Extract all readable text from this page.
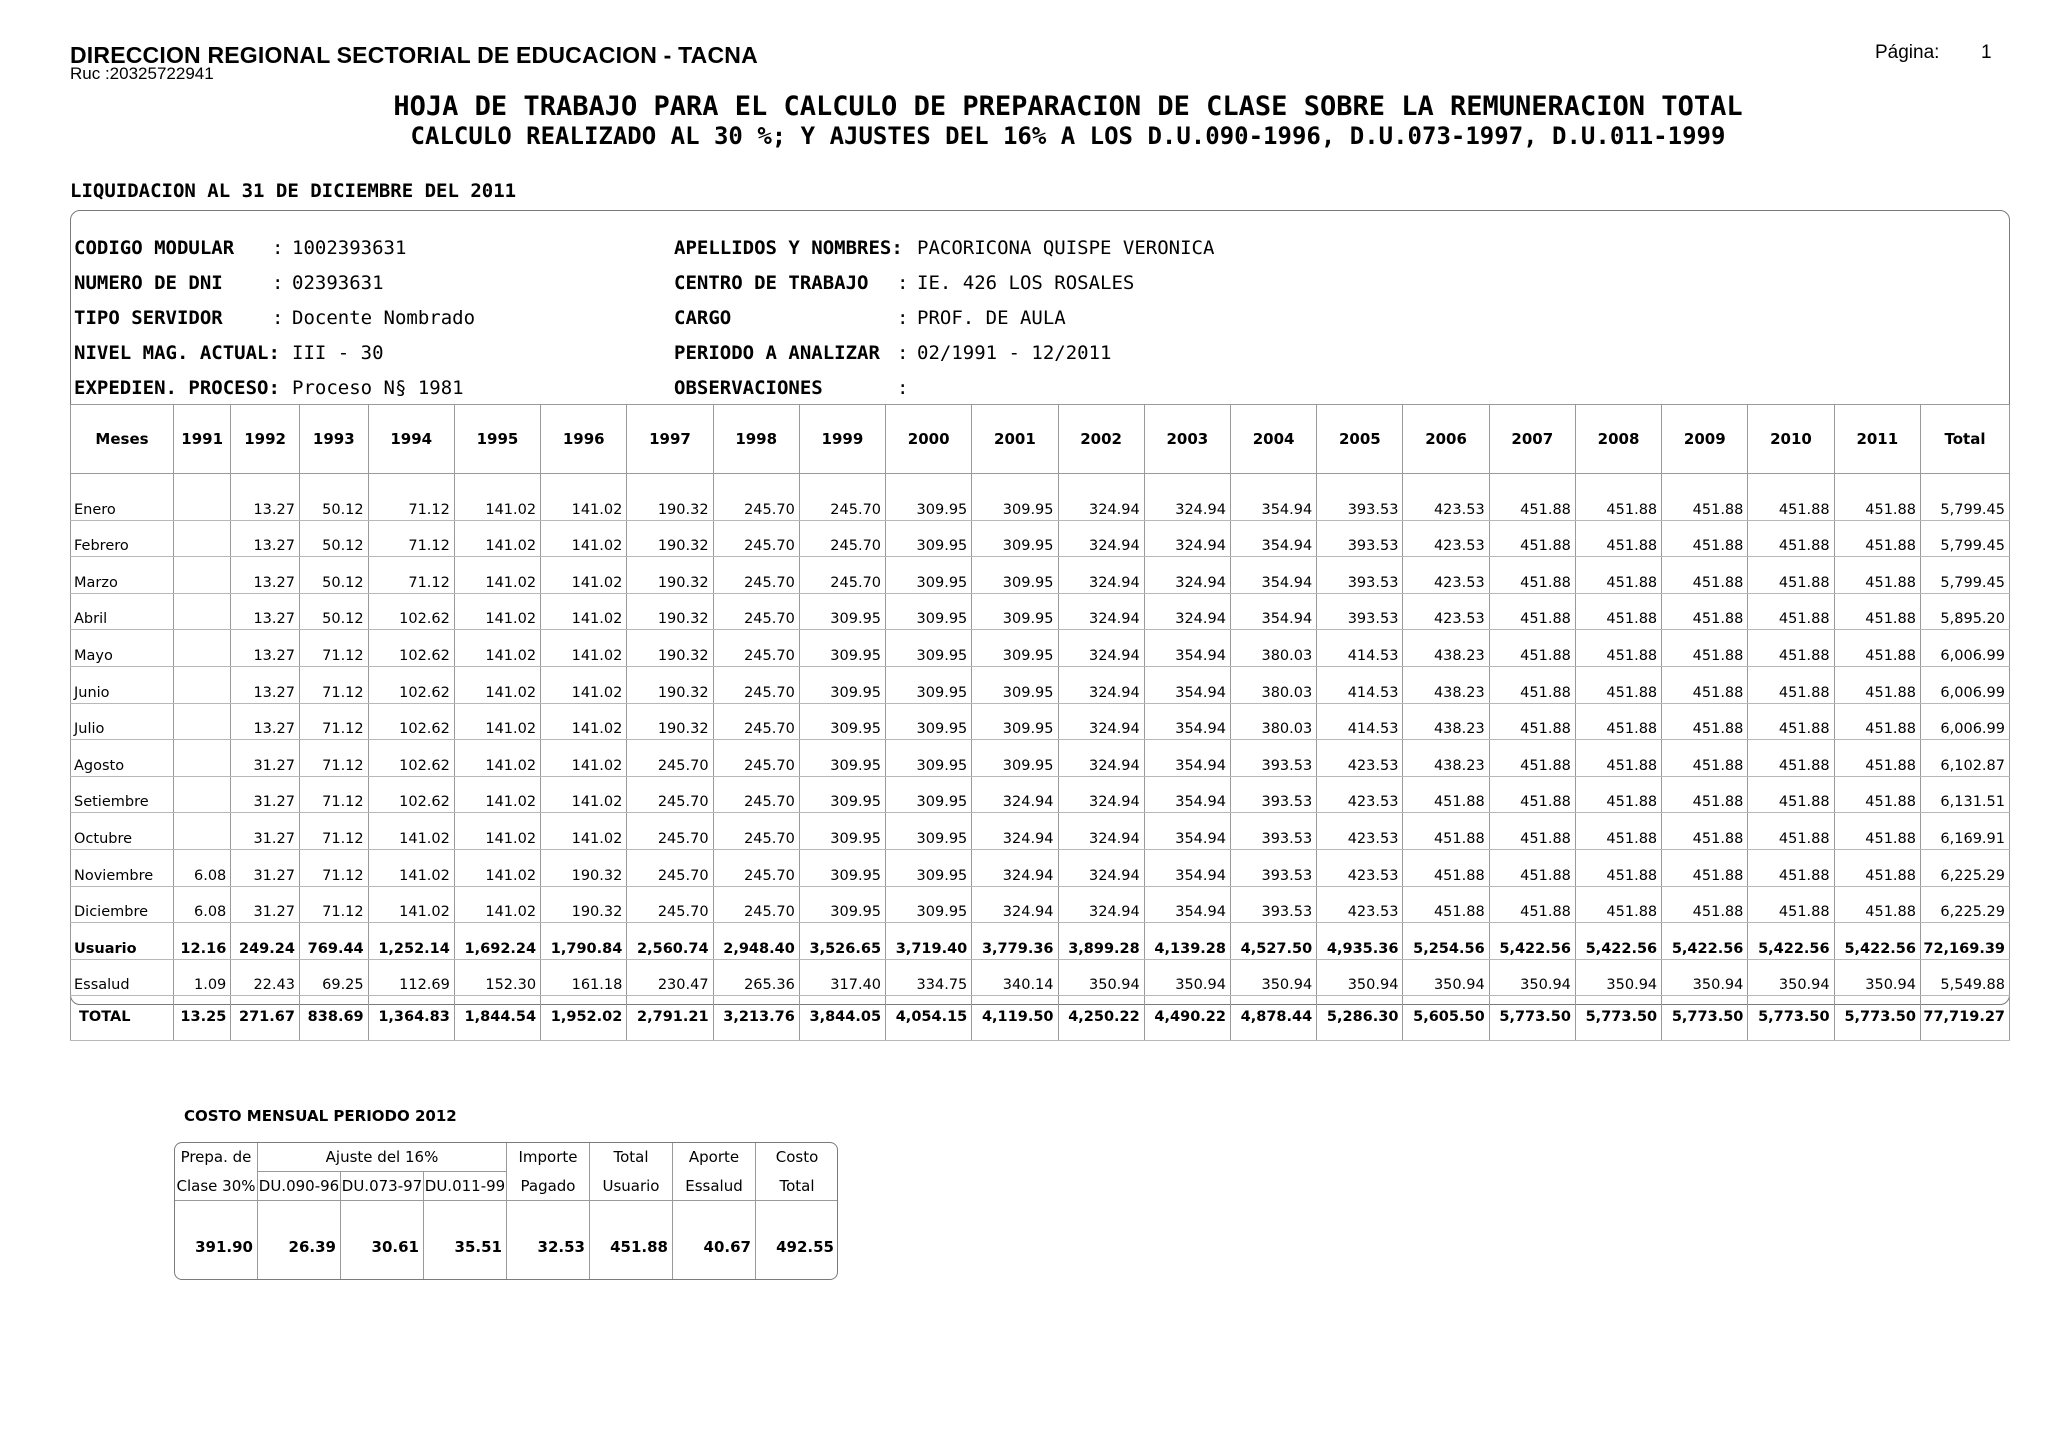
DIRECCION REGIONAL SECTORIAL DE EDUCACION - TACNA
Ruc :20325722941
Página: 1
HOJA DE TRABAJO PARA EL CALCULO DE PREPARACION DE CLASE SOBRE LA REMUNERACION TOTAL
CALCULO REALIZADO AL 30 %; Y AJUSTES DEL 16% A LOS D.U.090-1996, D.U.073-1997, D.U.011-1999
LIQUIDACION AL 31 DE DICIEMBRE DEL 2011
CODIGO MODULAR : 1002393631
NUMERO DE DNI	: 02393631
TIPO SERVIDOR	: Docente Nombrado
NIVEL MAG. ACTUAL: III - 30
EXPEDIEN. PROCESO: Proceso N§ 1981
APELLIDOS Y NOMBRES: PACORICONA QUISPE VERONICA
CENTRO DE TRABAJO : IE. 426 LOS ROSALES
CARGO	: PROF. DE AULA
PERIODO A ANALIZAR : 02/1991 - 12/2011
OBSERVACIONES	:
Meses	1991	1992	1993	1994	1995	1996	1997	1998	1999	2000	2001	2002	2003	2004	2005	2006	2007	2008	2009	2010	2011	Total

Enero		13.27	50.12	71.12	141.02	141.02	190.32	245.70	245.70	309.95	309.95	324.94	324.94	354.94	393.53	423.53	451.88	451.88	451.88	451.88	451.88	5,799.45
Febrero		13.27	50.12	71.12	141.02	141.02	190.32	245.70	245.70	309.95	309.95	324.94	324.94	354.94	393.53	423.53	451.88	451.88	451.88	451.88	451.88	5,799.45
Marzo		13.27	50.12	71.12	141.02	141.02	190.32	245.70	245.70	309.95	309.95	324.94	324.94	354.94	393.53	423.53	451.88	451.88	451.88	451.88	451.88	5,799.45
Abril		13.27	50.12	102.62	141.02	141.02	190.32	245.70	309.95	309.95	309.95	324.94	324.94	354.94	393.53	423.53	451.88	451.88	451.88	451.88	451.88	5,895.20
Mayo		13.27	71.12	102.62	141.02	141.02	190.32	245.70	309.95	309.95	309.95	324.94	354.94	380.03	414.53	438.23	451.88	451.88	451.88	451.88	451.88	6,006.99
Junio		13.27	71.12	102.62	141.02	141.02	190.32	245.70	309.95	309.95	309.95	324.94	354.94	380.03	414.53	438.23	451.88	451.88	451.88	451.88	451.88	6,006.99
Julio		13.27	71.12	102.62	141.02	141.02	190.32	245.70	309.95	309.95	309.95	324.94	354.94	380.03	414.53	438.23	451.88	451.88	451.88	451.88	451.88	6,006.99
Agosto		31.27	71.12	102.62	141.02	141.02	245.70	245.70	309.95	309.95	309.95	324.94	354.94	393.53	423.53	438.23	451.88	451.88	451.88	451.88	451.88	6,102.87
Setiembre		31.27	71.12	102.62	141.02	141.02	245.70	245.70	309.95	309.95	324.94	324.94	354.94	393.53	423.53	451.88	451.88	451.88	451.88	451.88	451.88	6,131.51
Octubre		31.27	71.12	141.02	141.02	141.02	245.70	245.70	309.95	309.95	324.94	324.94	354.94	393.53	423.53	451.88	451.88	451.88	451.88	451.88	451.88	6,169.91
Noviembre	6.08	31.27	71.12	141.02	141.02	190.32	245.70	245.70	309.95	309.95	324.94	324.94	354.94	393.53	423.53	451.88	451.88	451.88	451.88	451.88	451.88	6,225.29
Diciembre	6.08	31.27	71.12	141.02	141.02	190.32	245.70	245.70	309.95	309.95	324.94	324.94	354.94	393.53	423.53	451.88	451.88	451.88	451.88	451.88	451.88	6,225.29
Usuario	12.16	249.24	769.44	1,252.14	1,692.24	1,790.84	2,560.74	2,948.40	3,526.65	3,719.40	3,779.36	3,899.28	4,139.28	4,527.50	4,935.36	5,254.56	5,422.56	5,422.56	5,422.56	5,422.56	5,422.56	72,169.39
Essalud	1.09	22.43	69.25	112.69	152.30	161.18	230.47	265.36	317.40	334.75	340.14	350.94	350.94	350.94	350.94	350.94	350.94	350.94	350.94	350.94	350.94	5,549.88
TOTAL	13.25	271.67	838.69	1,364.83	1,844.54	1,952.02	2,791.21	3,213.76	3,844.05	4,054.15	4,119.50	4,250.22	4,490.22	4,878.44	5,286.30	5,605.50	5,773.50	5,773.50	5,773.50	5,773.50	5,773.50	77,719.27
COSTO MENSUAL PERIODO 2012
Prepa. de	Ajuste del 16%			Importe	Total	Aporte	Costo
Clase 30%	DU.090-96	DU.073-97	DU.011-99	Pagado	Usuario	Essalud	Total
391.90	26.39	30.61	35.51	32.53	451.88	40.67	492.55
